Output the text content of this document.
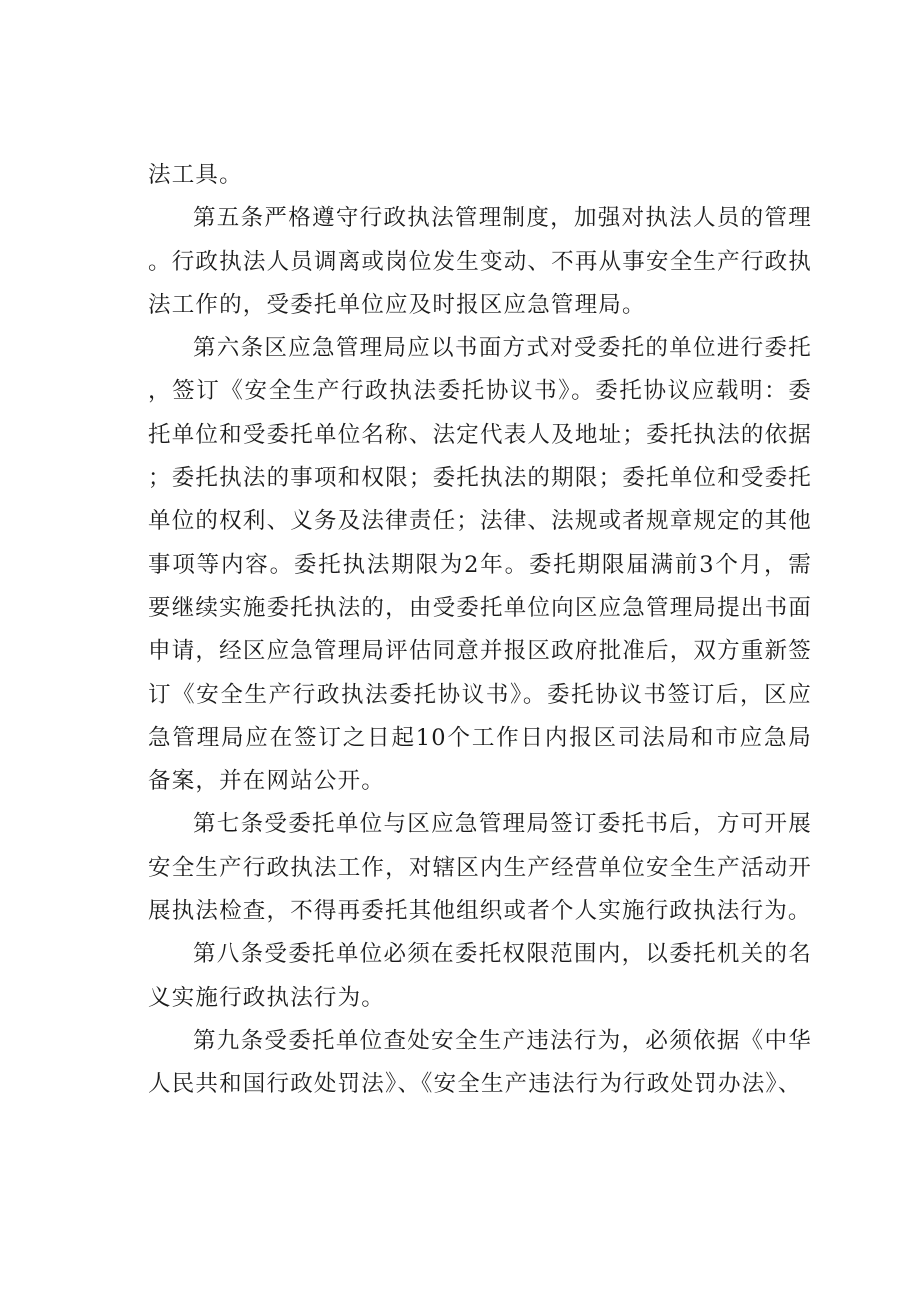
法工具。

第五条严格遵守行政执法管理制度，加强对执法人员的管理。行政执法人员调离或岗位发生变动、不再从事安全生产行政执法工作的，受委托单位应及时报区应急管理局。

第六条区应急管理局应以书面方式对受委托的单位进行委托，签订《安全生产行政执法委托协议书》。委托协议应载明：委托单位和受委托单位名称、法定代表人及地址；委托执法的依据；委托执法的事项和权限；委托执法的期限；委托单位和受委托单位的权利、义务及法律责任；法律、法规或者规章规定的其他事项等内容。委托执法期限为2年。委托期限届满前3个月，需要继续实施委托执法的，由受委托单位向区应急管理局提出书面申请，经区应急管理局评估同意并报区政府批准后，双方重新签订《安全生产行政执法委托协议书》。委托协议书签订后，区应急管理局应在签订之日起10个工作日内报区司法局和市应急局备案，并在网站公开。

第七条受委托单位与区应急管理局签订委托书后，方可开展安全生产行政执法工作，对辖区内生产经营单位安全生产活动开展执法检查，不得再委托其他组织或者个人实施行政执法行为。

第八条受委托单位必须在委托权限范围内，以委托机关的名义实施行政执法行为。

第九条受委托单位查处安全生产违法行为，必须依据《中华人民共和国行政处罚法》、《安全生产违法行为行政处罚办法》、
